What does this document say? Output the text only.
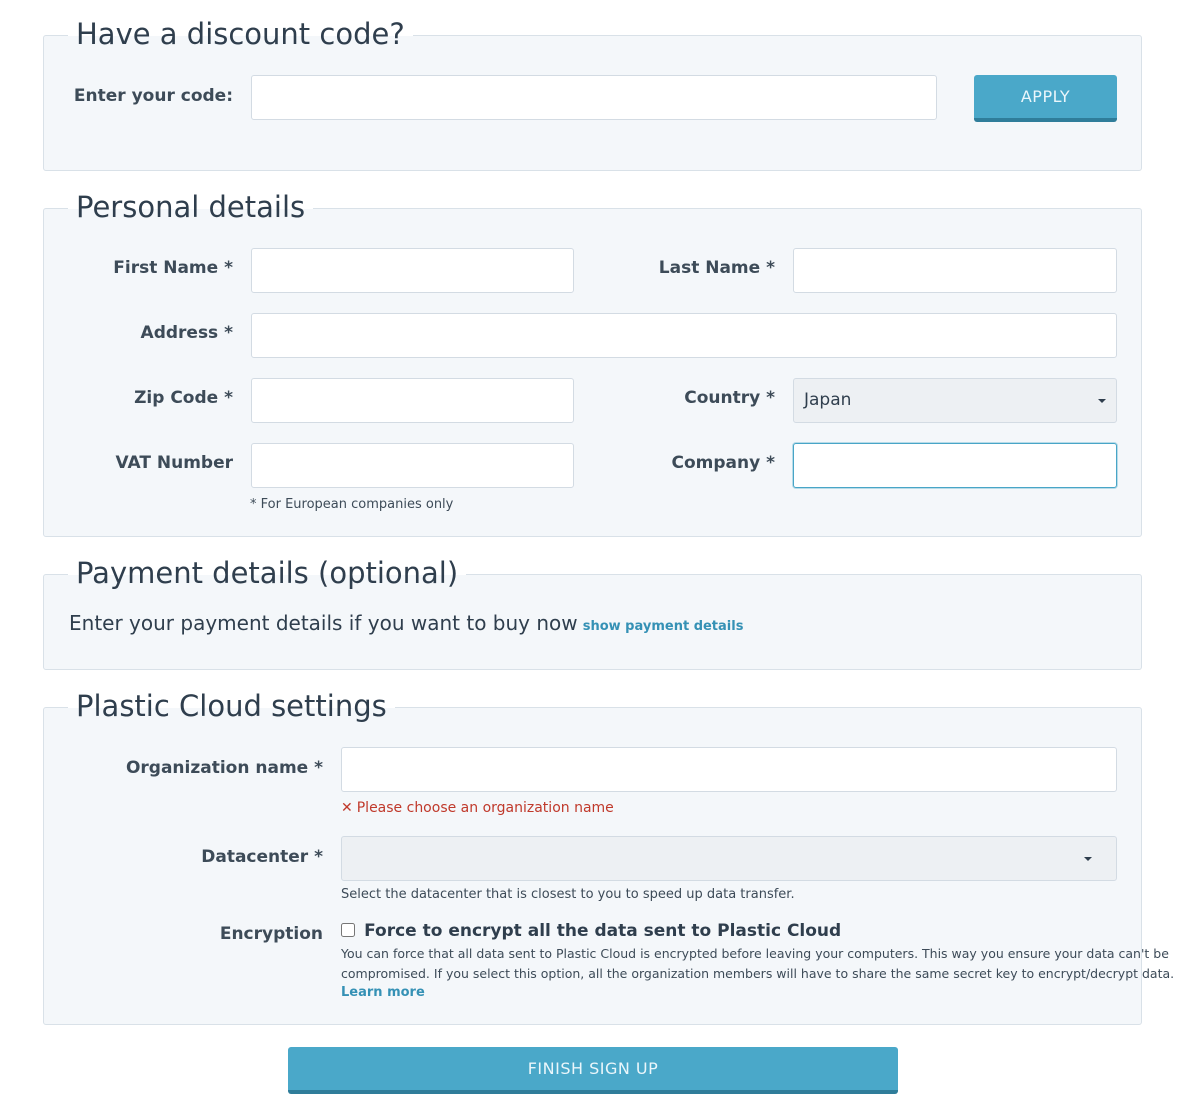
Have a discount code?
Enter your code:	APPLY
Personal details
First Name *	Last Name *
Address *
Zip Code *	Country *	Japan
VAT Number	Company *
* For European companies only
Payment details (optional)
Enter your payment details if you want to buy now show payment details
Plastic Cloud settings
Organization name *
✕ Please choose an organization name
Datacenter *
Select the datacenter that is closest to you to speed up data transfer.
Encryption	Force to encrypt all the data sent to Plastic Cloud
You can force that all data sent to Plastic Cloud is encrypted before leaving your computers. This way you ensure your data can't be
compromised. If you select this option, all the organization members will have to share the same secret key to encrypt/decrypt data.
Learn more
FINISH SIGN UP
